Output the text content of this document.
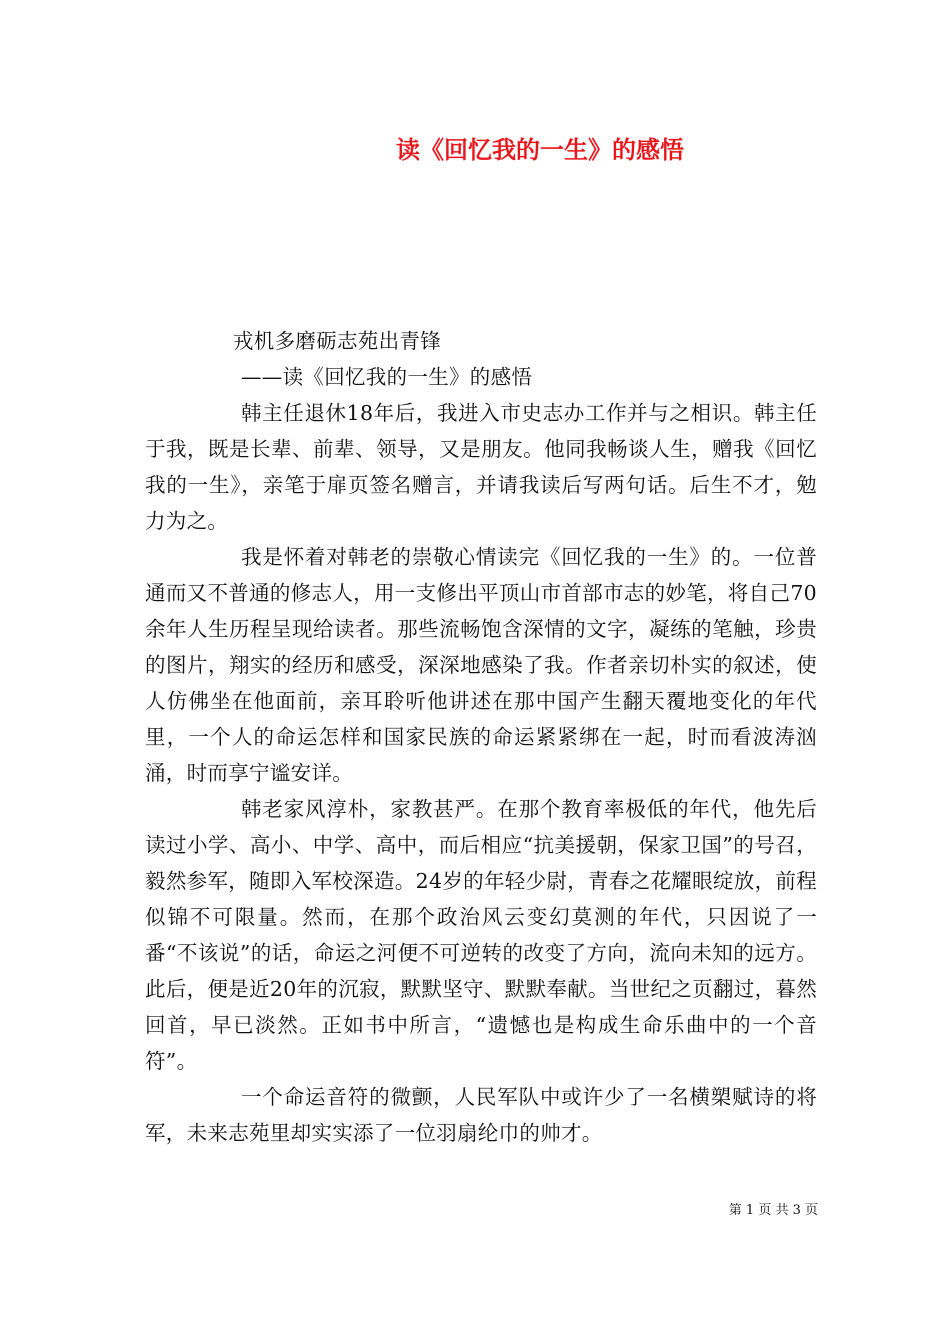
读《回忆我的一生》的感悟
戎机多磨砺志苑出青锋
——读《回忆我的一生》的感悟

韩主任退休18年后，我进入市史志办工作并与之相识。韩主任于我，既是长辈、前辈、领导，又是朋友。他同我畅谈人生，赠我《回忆我的一生》，亲笔于扉页签名赠言，并请我读后写两句话。后生不才，勉力为之。

我是怀着对韩老的崇敬心情读完《回忆我的一生》的。一位普通而又不普通的修志人，用一支修出平顶山市首部市志的妙笔，将自己70余年人生历程呈现给读者。那些流畅饱含深情的文字，凝练的笔触，珍贵的图片，翔实的经历和感受，深深地感染了我。作者亲切朴实的叙述，使人仿佛坐在他面前，亲耳聆听他讲述在那中国产生翻天覆地变化的年代里，一个人的命运怎样和国家民族的命运紧紧绑在一起，时而看波涛汹涌，时而享宁谧安详。

韩老家风淳朴，家教甚严。在那个教育率极低的年代，他先后读过小学、高小、中学、高中，而后相应“抗美援朝，保家卫国”的号召，毅然参军，随即入军校深造。24岁的年轻少尉，青春之花耀眼绽放，前程似锦不可限量。然而，在那个政治风云变幻莫测的年代，只因说了一番“不该说”的话，命运之河便不可逆转的改变了方向，流向未知的远方。此后，便是近20年的沉寂，默默坚守、默默奉献。当世纪之页翻过，暮然回首，早已淡然。正如书中所言，“遗憾也是构成生命乐曲中的一个音符”。

一个命运音符的微颤，人民军队中或许少了一名横槊赋诗的将军，未来志苑里却实实添了一位羽扇纶巾的帅才。

第 1 页 共 3 页
